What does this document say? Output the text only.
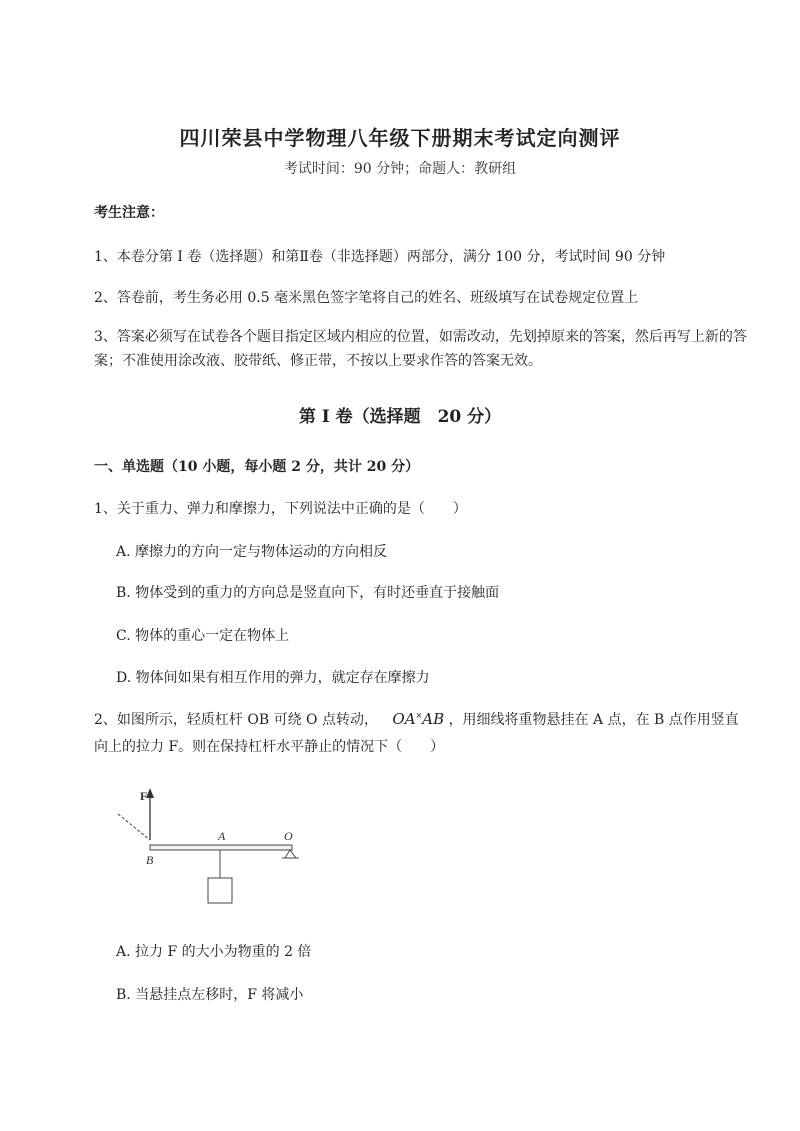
四川荣县中学物理八年级下册期末考试定向测评
考试时间：90 分钟；命题人：教研组
考生注意：
1、本卷分第 I 卷（选择题）和第Ⅱ卷（非选择题）两部分，满分 100 分，考试时间 90 分钟
2、答卷前，考生务必用 0.5 毫米黑色签字笔将自己的姓名、班级填写在试卷规定位置上
3、答案必须写在试卷各个题目指定区域内相应的位置，如需改动，先划掉原来的答案，然后再写上新的答案；不准使用涂改液、胶带纸、修正带，不按以上要求作答的答案无效。
第 I 卷（选择题　20 分）
一、单选题（10 小题，每小题 2 分，共计 20 分）
1、关于重力、弹力和摩擦力，下列说法中正确的是（　　）
A. 摩擦力的方向一定与物体运动的方向相反
B. 物体受到的重力的方向总是竖直向下，有时还垂直于接触面
C. 物体的重心一定在物体上
D. 物体间如果有相互作用的弹力，就定存在摩擦力
2、如图所示，轻质杠杆 OB 可绕 O 点转动， OA×AB ，用细线将重物悬挂在 A 点，在 B 点作用竖直
向上的拉力 F。则在保持杠杆水平静止的情况下（　　）
F
A	O
B
A. 拉力 F 的大小为物重的 2 倍
B. 当悬挂点左移时，F 将减小
